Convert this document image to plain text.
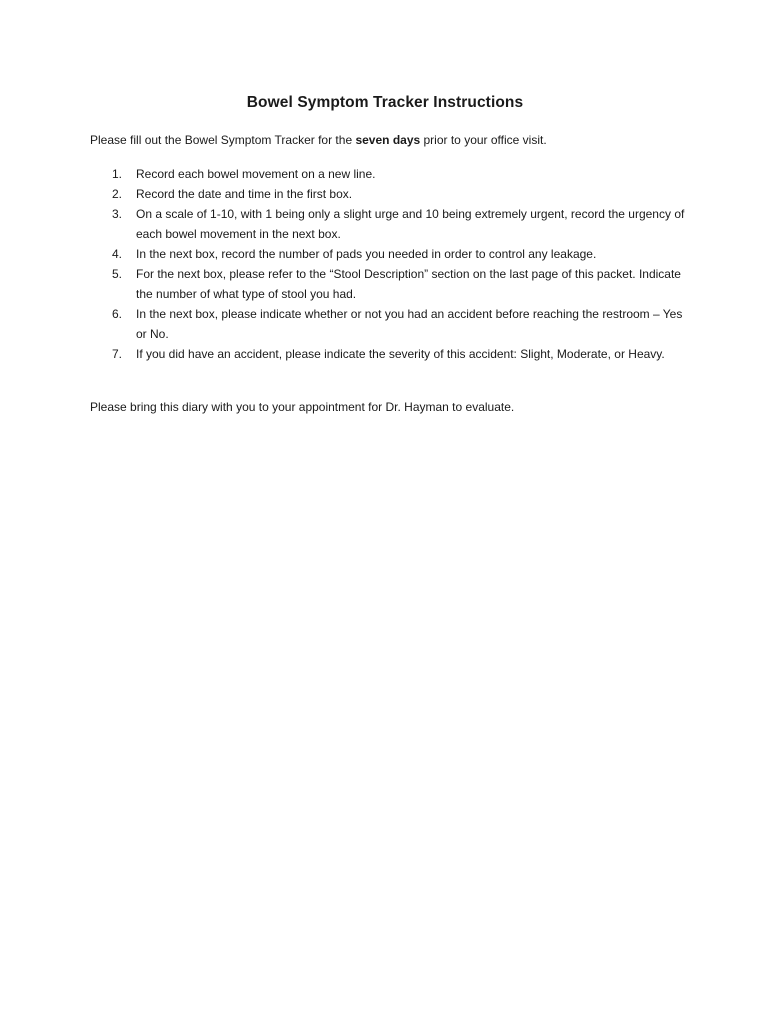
Bowel Symptom Tracker Instructions

Please fill out the Bowel Symptom Tracker for the seven days prior to your office visit.

1. Record each bowel movement on a new line.
2. Record the date and time in the first box.
3. On a scale of 1-10, with 1 being only a slight urge and 10 being extremely urgent, record the urgency of each bowel movement in the next box.
4. In the next box, record the number of pads you needed in order to control any leakage.
5. For the next box, please refer to the “Stool Description” section on the last page of this packet. Indicate the number of what type of stool you had.
6. In the next box, please indicate whether or not you had an accident before reaching the restroom – Yes or No.
7. If you did have an accident, please indicate the severity of this accident: Slight, Moderate, or Heavy.

Please bring this diary with you to your appointment for Dr. Hayman to evaluate.
